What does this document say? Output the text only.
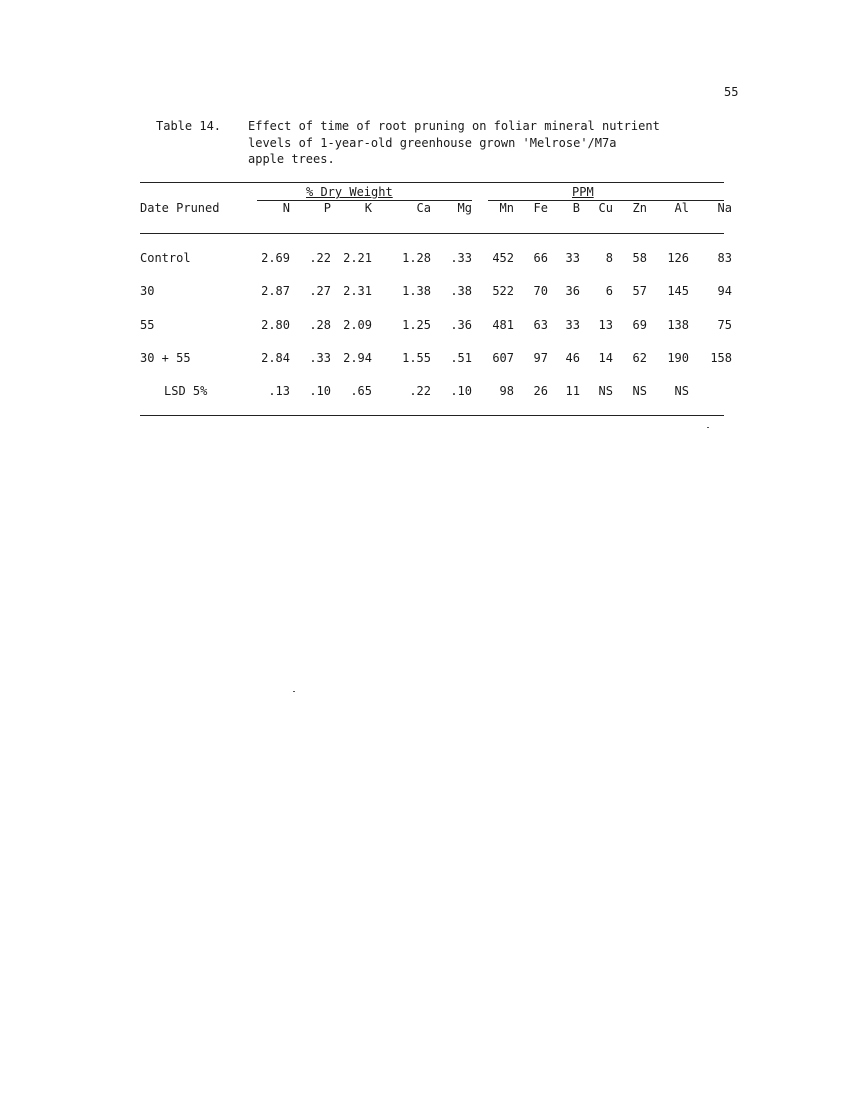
55
Table 14. Effect of time of root pruning on foliar mineral nutrient
levels of 1-year-old greenhouse grown 'Melrose'/M7a
apple trees.
% Dry Weight	PPM
Date Pruned	N	P	K	Ca Mg Mn Fe B Cu Zn Al Na
Control	2.69 .22 2.21	1.28 .33 452 66 33 8 58 126 83
30	2.87 .27 2.31	1.38 .38 522 70 36 6 57 145 94
55	2.80 .28 2.09	1.25 .36 481 63 33 13 69 138 75
30 + 55	2.84 .33 2.94	1.55 .51 607 97 46 14 62 190 158
LSD 5%	.13 .10 .65	.22 .10 98 26 11 NS NS NS
